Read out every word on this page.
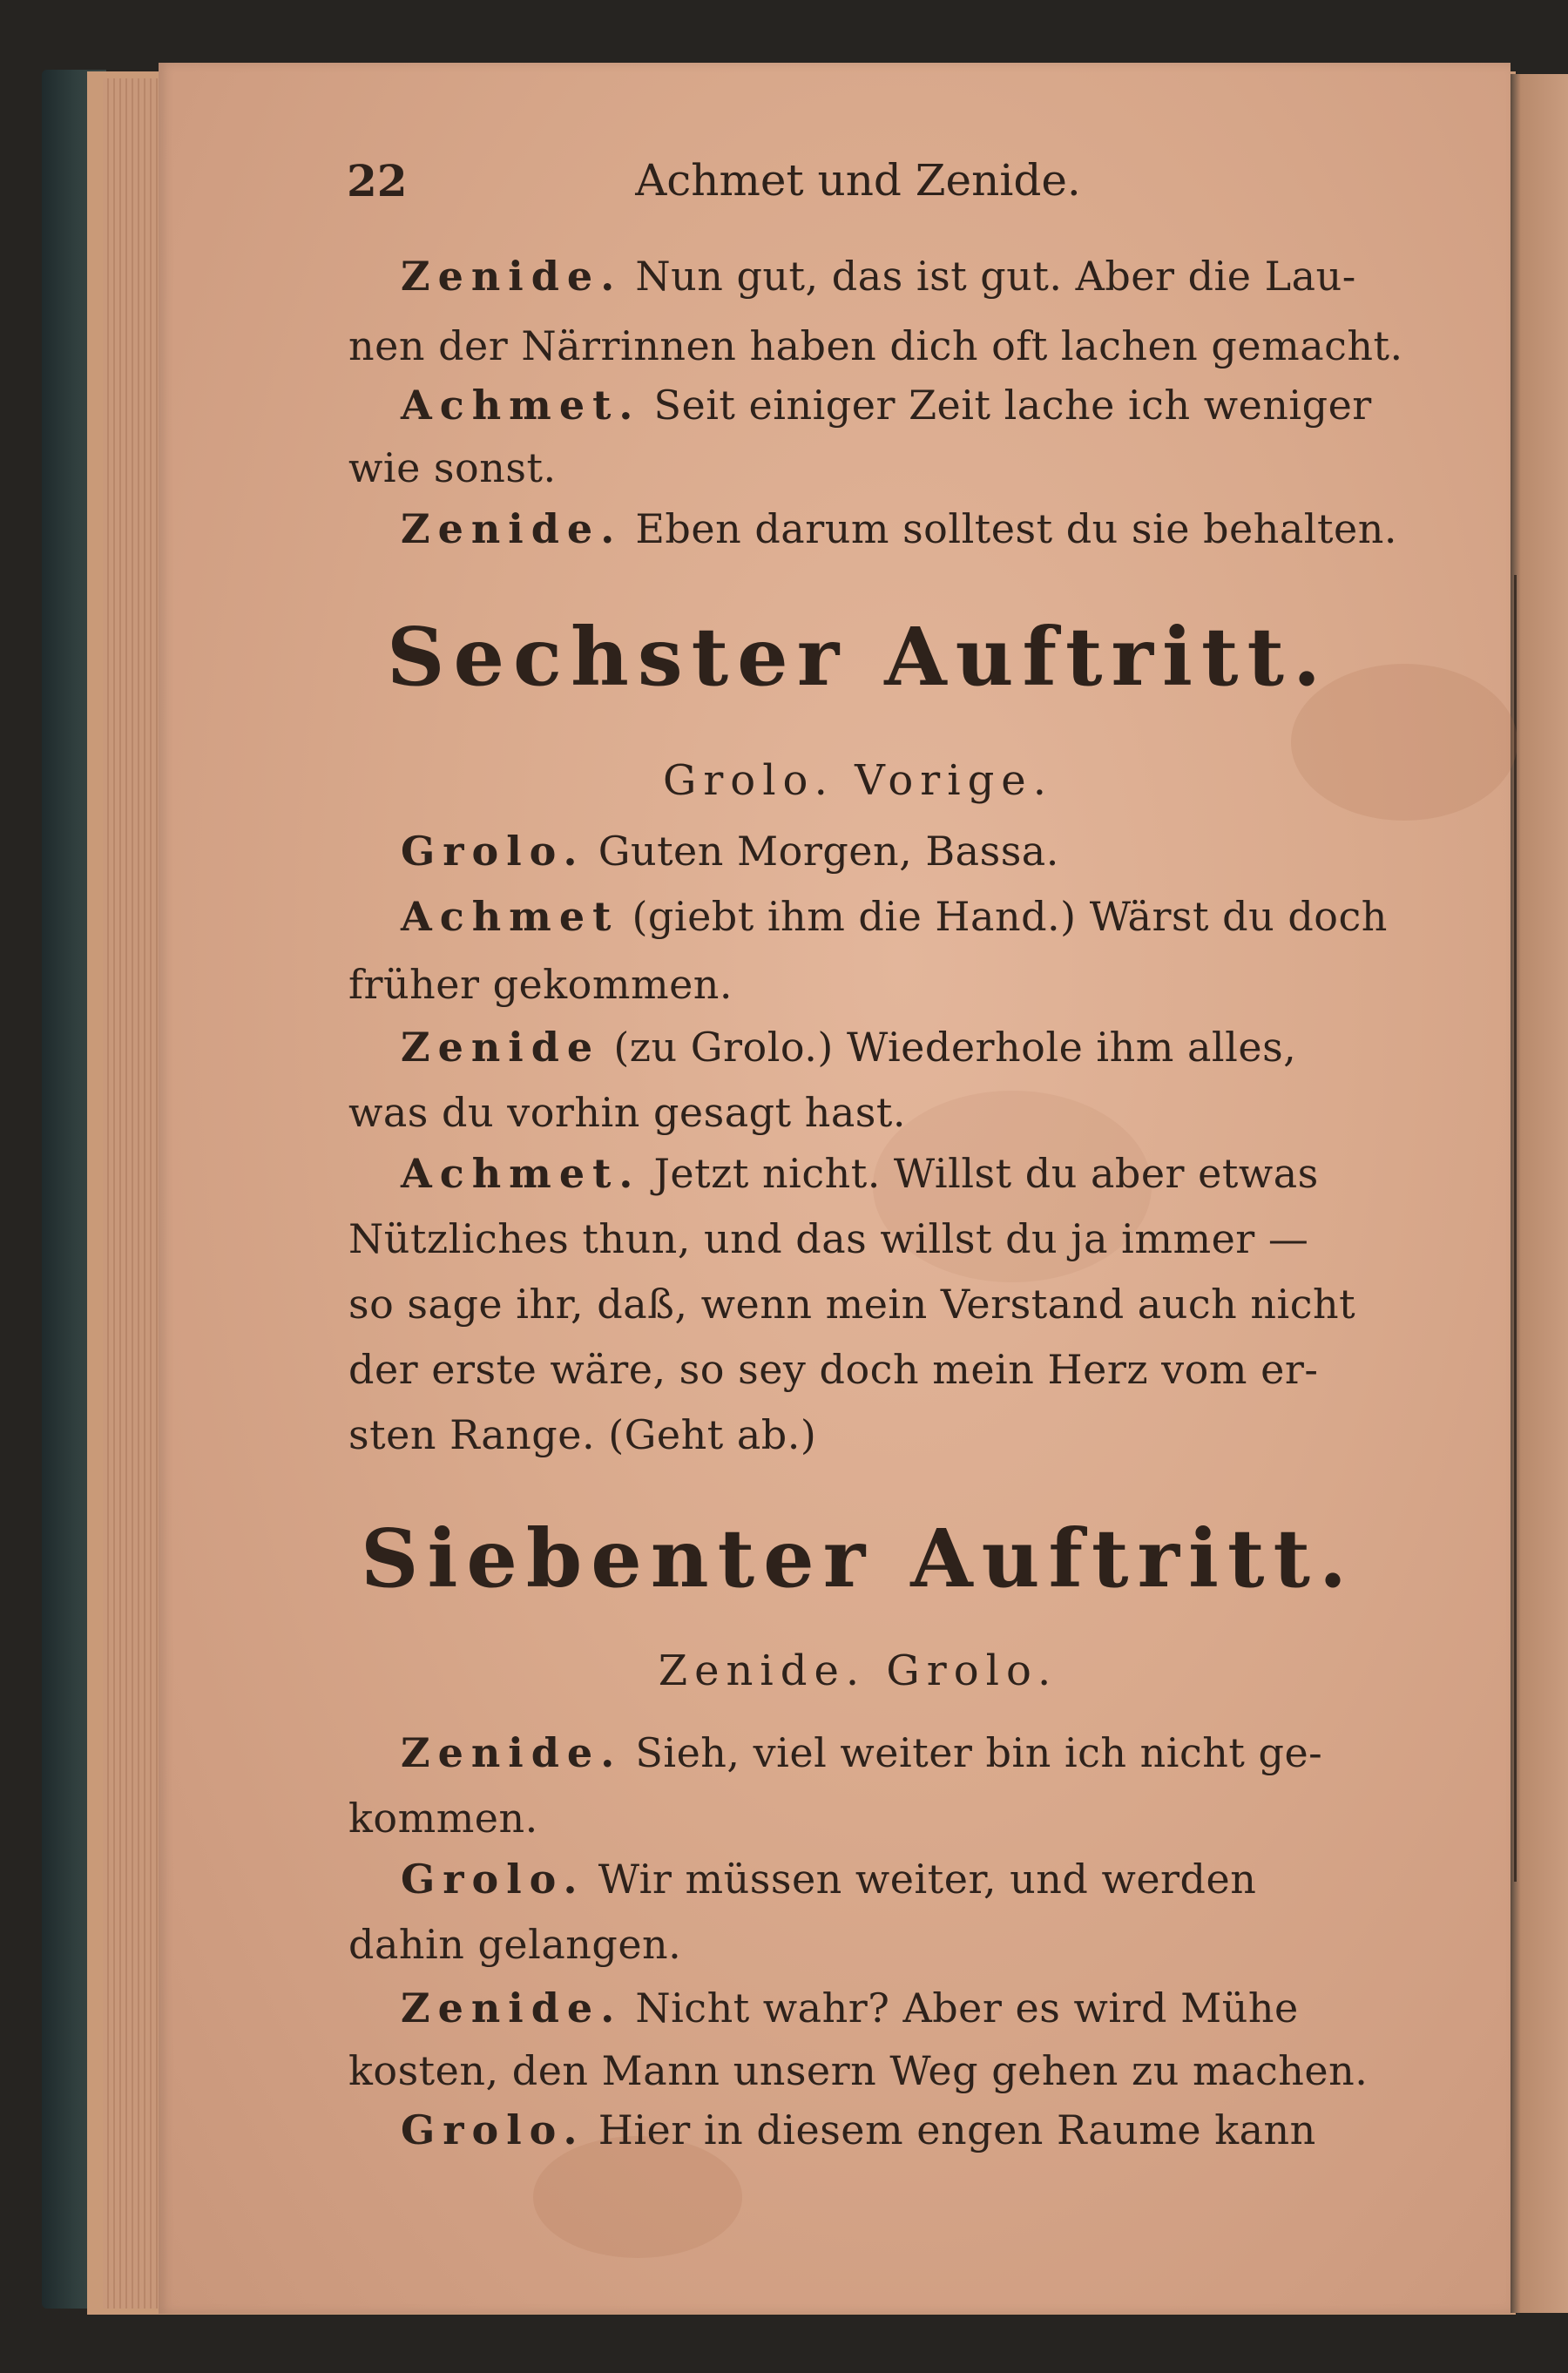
22	Achmet und Zenide.
Zenide. Nun gut, das ist gut. Aber die Lau-
nen der Närrinnen haben dich oft lachen gemacht.
Achmet. Seit einiger Zeit lache ich weniger
wie sonst.
Zenide. Eben darum solltest du sie behalten.
Sechster Auftritt.
Grolo. Vorige.
Grolo. Guten Morgen, Bassa.
Achmet (giebt ihm die Hand.) Wärst du doch
früher gekommen.
Zenide (zu Grolo.) Wiederhole ihm alles,
was du vorhin gesagt hast.
Achmet. Jetzt nicht. Willst du aber etwas
Nützliches thun, und das willst du ja immer —
so sage ihr, daß, wenn mein Verstand auch nicht
der erste wäre, so sey doch mein Herz vom er-
sten Range. (Geht ab.)
Siebenter Auftritt.
Zenide. Grolo.
Zenide. Sieh, viel weiter bin ich nicht ge-
kommen.
Grolo. Wir müssen weiter, und werden
dahin gelangen.
Zenide. Nicht wahr? Aber es wird Mühe
kosten, den Mann unsern Weg gehen zu machen.
Grolo. Hier in diesem engen Raume kann
